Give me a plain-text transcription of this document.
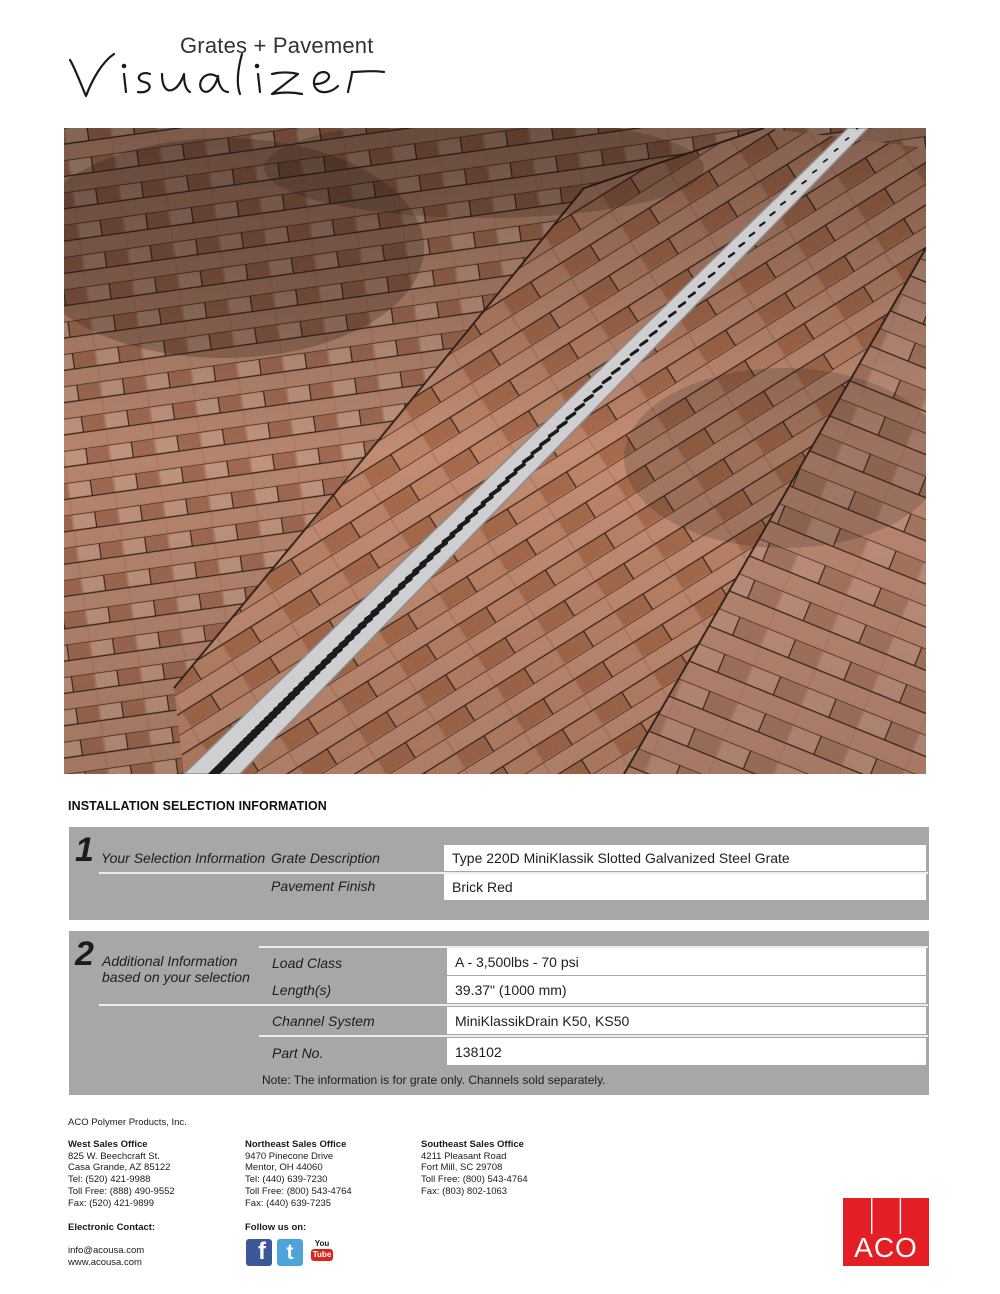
Grates + Pavement
INSTALLATION SELECTION INFORMATION
1 Your Selection Information Grate Description	Type 220D MiniKlassik Slotted Galvanized Steel Grate
Pavement Finish	Brick Red
2 Additional Information
based on your selection
Load Class	A - 3,500lbs - 70 psi
Length(s)	39.37" (1000 mm)
Channel System	MiniKlassikDrain K50, KS50
Part No.	138102
Note: The information is for grate only. Channels sold separately.
ACO Polymer Products, Inc.
West Sales Office
825 W. Beechcraft St.
Casa Grande, AZ 85122
Tel: (520) 421-9988
Toll Free: (888) 490-9552
Fax: (520) 421-9899
Northeast Sales Office
9470 Pinecone Drive
Mentor, OH 44060
Tel: (440) 639-7230
Toll Free: (800) 543-4764
Fax: (440) 639-7235
Southeast Sales Office
4211 Pleasant Road
Fort Mill, SC 29708
Toll Free: (800) 543-4764
Fax: (803) 802-1063
Electronic Contact:
info@acousa.com
www.acousa.com
Follow us on:
f t	You
Tube	ACO
